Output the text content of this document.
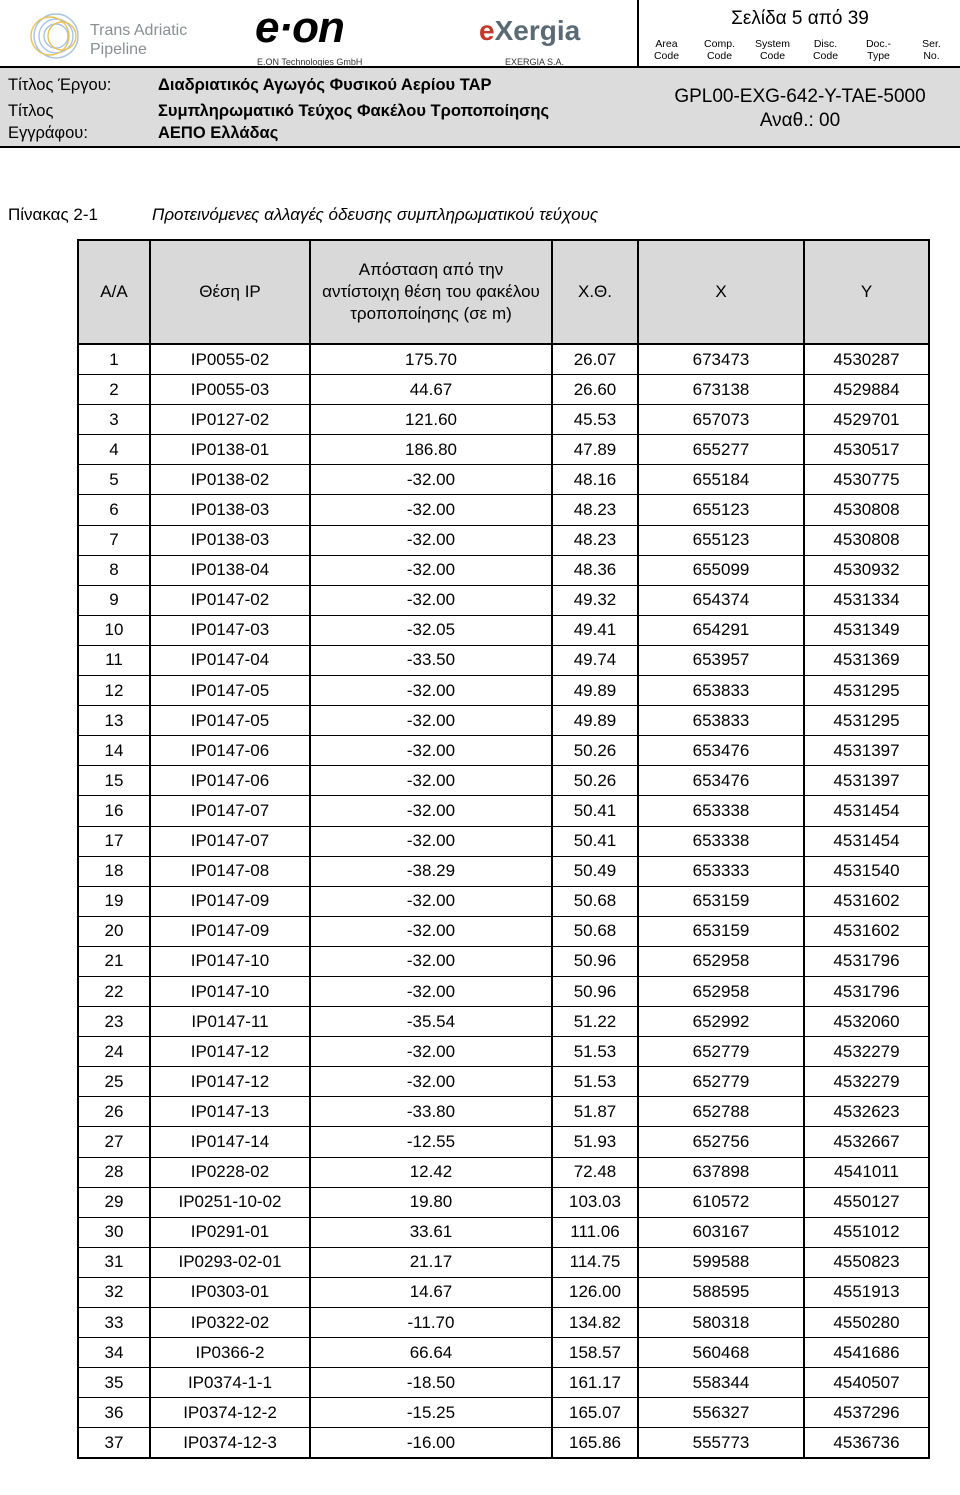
Trans Adriatic
Pipeline e·on
E.ON Technologies GmbH
eXergia
EXERGIA S.A.
Σελίδα 5 από 39
Area
Code
Comp.
Code
System
Code
Disc.
Code
Doc.-
Type
Ser.
No.
Τίτλος Έργου:	Διαδριατικός Αγωγός Φυσικού Αερίου TAP
Τίτλος
Εγγράφου:
Συμπληρωματικό Τεύχος Φακέλου Τροποποίησης
ΑΕΠΟ Ελλάδας
GPL00-EXG-642-Y-TAE-5000
Αναθ.: 00
Πίνακας 2-1	Προτεινόμενες αλλαγές όδευσης συμπληρωματικού τεύχους
Α/Α	Θέση IP	Απόσταση από την αντίστοιχη θέση του φακέλου τροποποίησης (σε m)	Χ.Θ.	X	Y
1	IP0055-02	175.70	26.07	673473	4530287
2	IP0055-03	44.67	26.60	673138	4529884
3	IP0127-02	121.60	45.53	657073	4529701
4	IP0138-01	186.80	47.89	655277	4530517
5	IP0138-02	-32.00	48.16	655184	4530775
6	IP0138-03	-32.00	48.23	655123	4530808
7	IP0138-03	-32.00	48.23	655123	4530808
8	IP0138-04	-32.00	48.36	655099	4530932
9	IP0147-02	-32.00	49.32	654374	4531334
10	IP0147-03	-32.05	49.41	654291	4531349
11	IP0147-04	-33.50	49.74	653957	4531369
12	IP0147-05	-32.00	49.89	653833	4531295
13	IP0147-05	-32.00	49.89	653833	4531295
14	IP0147-06	-32.00	50.26	653476	4531397
15	IP0147-06	-32.00	50.26	653476	4531397
16	IP0147-07	-32.00	50.41	653338	4531454
17	IP0147-07	-32.00	50.41	653338	4531454
18	IP0147-08	-38.29	50.49	653333	4531540
19	IP0147-09	-32.00	50.68	653159	4531602
20	IP0147-09	-32.00	50.68	653159	4531602
21	IP0147-10	-32.00	50.96	652958	4531796
22	IP0147-10	-32.00	50.96	652958	4531796
23	IP0147-11	-35.54	51.22	652992	4532060
24	IP0147-12	-32.00	51.53	652779	4532279
25	IP0147-12	-32.00	51.53	652779	4532279
26	IP0147-13	-33.80	51.87	652788	4532623
27	IP0147-14	-12.55	51.93	652756	4532667
28	IP0228-02	12.42	72.48	637898	4541011
29	IP0251-10-02	19.80	103.03	610572	4550127
30	IP0291-01	33.61	111.06	603167	4551012
31	IP0293-02-01	21.17	114.75	599588	4550823
32	IP0303-01	14.67	126.00	588595	4551913
33	IP0322-02	-11.70	134.82	580318	4550280
34	IP0366-2	66.64	158.57	560468	4541686
35	IP0374-1-1	-18.50	161.17	558344	4540507
36	IP0374-12-2	-15.25	165.07	556327	4537296
37	IP0374-12-3	-16.00	165.86	555773	4536736
